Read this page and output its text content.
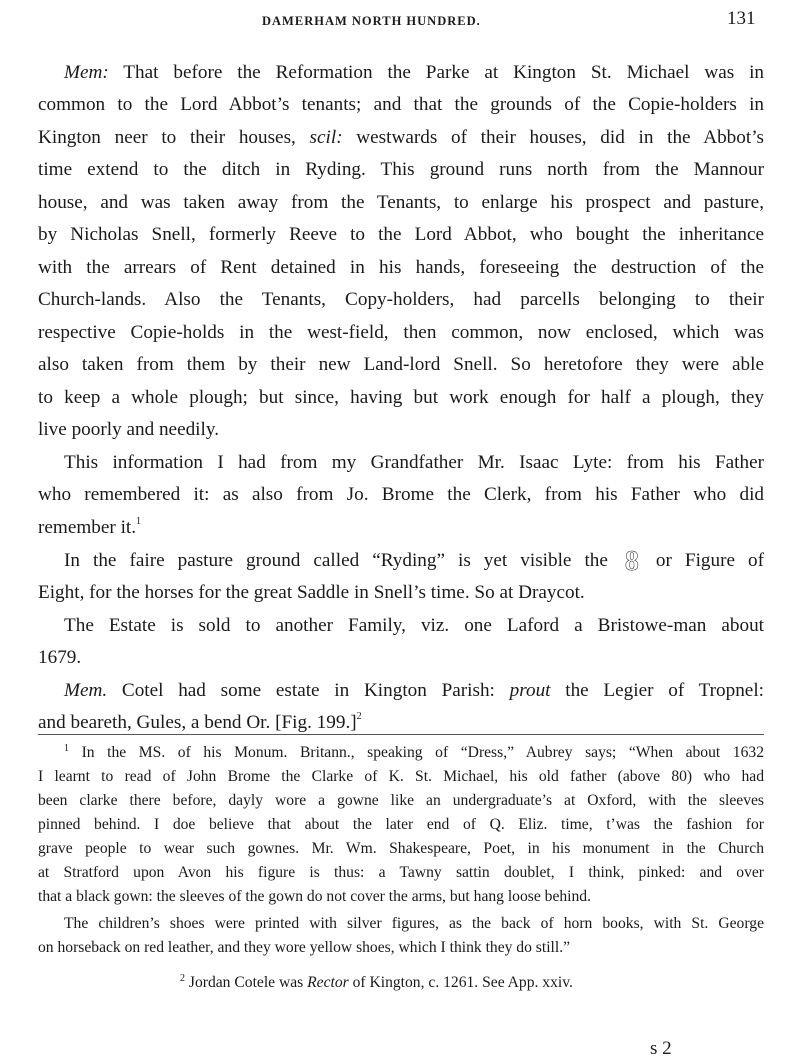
DAMERHAM NORTH HUNDRED.	131
Mem: That before the Reformation the Parke at Kington St. Michael was in
common to the Lord Abbot’s tenants; and that the grounds of the Copie-holders in
Kington neer to their houses, scil: westwards of their houses, did in the Abbot’s
time extend to the ditch in Ryding. This ground runs north from the Mannour
house, and was taken away from the Tenants, to enlarge his prospect and pasture,
by Nicholas Snell, formerly Reeve to the Lord Abbot, who bought the inheritance
with the arrears of Rent detained in his hands, foreseeing the destruction of the
Church-lands. Also the Tenants, Copy-holders, had parcells belonging to their
respective Copie-holds in the west-field, then common, now enclosed, which was
also taken from them by their new Land-lord Snell. So heretofore they were able
to keep a whole plough; but since, having but work enough for half a plough, they
live poorly and needily.
This information I had from my Grandfather Mr. Isaac Lyte: from his Father
who remembered it: as also from Jo. Brome the Clerk, from his Father who did
remember it.$^1$
In the faire pasture ground called “Ryding” is yet visible the 8 or Figure of
Eight, for the horses for the great Saddle in Snell’s time. So at Draycot.
The Estate is sold to another Family, viz. one Laford a Bristowe-man about
1679.
Mem. Cotel had some estate in Kington Parish: prout the Legier of Tropnel:
and beareth, Gules, a bend Or. [Fig. 199.]$^2$
$^1$ In the MS. of his Monum. Britann., speaking of “Dress,” Aubrey says; “When about 1632
I learnt to read of John Brome the Clarke of K. St. Michael, his old father (above 80) who had
been clarke there before, dayly wore a gowne like an undergraduate’s at Oxford, with the sleeves
pinned behind. I doe believe that about the later end of Q. Eliz. time, t’was the fashion for
grave people to wear such gownes. Mr. Wm. Shakespeare, Poet, in his monument in the Church
at Stratford upon Avon his figure is thus: a Tawny sattin doublet, I think, pinked: and over
that a black gown: the sleeves of the gown do not cover the arms, but hang loose behind.
The children’s shoes were printed with silver figures, as the back of horn books, with St. George
on horseback on red leather, and they wore yellow shoes, which I think they do still.”
$^2$ Jordan Cotele was Rector of Kington, c. 1261. See App. xxiv.
s 2
